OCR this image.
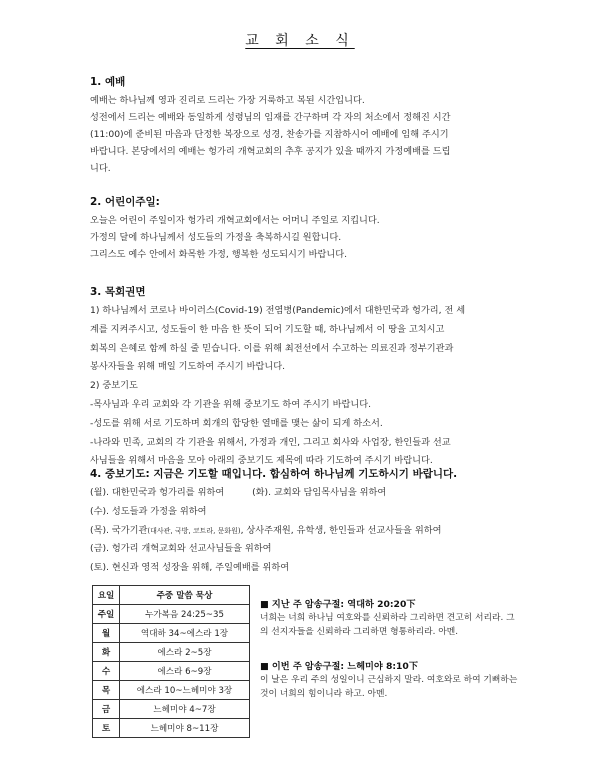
교 회 소 식
1. 예배
예배는 하나님께 영과 진리로 드리는 가장 거룩하고 복된 시간입니다.
성전에서 드리는 예배와 동일하게 성령님의 임재를 간구하며 각 자의 처소에서 정해진 시간
(11:00)에 준비된 마음과 단정한 복장으로 성경, 찬송가를 지참하시어 예배에 임해 주시기
바랍니다. 본당에서의 예배는 헝가리 개혁교회의 추후 공지가 있을 때까지 가정예배를 드립
니다.
2. 어린이주일:
오늘은 어린이 주일이자 헝가리 개혁교회에서는 어머니 주일로 지킵니다.
가정의 달에 하나님께서 성도들의 가정을 축복하시길 원합니다.
그리스도 예수 안에서 화목한 가정, 행복한 성도되시기 바랍니다.
3. 목회권면
1) 하나님께서 코로나 바이러스(Covid-19) 전염병(Pandemic)에서 대한민국과 헝가리, 전 세
계를 지켜주시고, 성도들이 한 마음 한 뜻이 되어 기도할 때, 하나님께서 이 땅을 고치시고
회복의 은혜로 함께 하실 줄 믿습니다. 이를 위해 최전선에서 수고하는 의료진과 정부기관과
봉사자들을 위해 매일 기도하여 주시기 바랍니다.
2) 중보기도
-목사님과 우리 교회와 각 기관을 위해 중보기도 하여 주시기 바랍니다.
-성도를 위해 서로 기도하며 회개의 합당한 열매를 맺는 삶이 되게 하소서.
-나라와 민족, 교회의 각 기관을 위해서, 가정과 개인, 그리고 회사와 사업장, 한인들과 선교
사님들을 위해서 마음을 모아 아래의 중보기도 제목에 따라 기도하여 주시기 바랍니다.
4. 중보기도: 지금은 기도할 때입니다. 합심하여 하나님께 기도하시기 바랍니다.
(월). 대한민국과 헝가리를 위하여	(화). 교회와 담임목사님을 위하여
(수). 성도들과 가정을 위하여
(목). 국가기관(대사관, 국방, 코트라, 문화원), 상사주재원, 유학생, 한인들과 선교사들을 위하여
(금). 헝가리 개혁교회와 선교사님들을 위하여
(토). 현신과 영적 성장을 위해, 주일예배를 위하여
요일	주중 말씀 묵상
주일	누가복음 24:25~35
월	역대하 34~에스라 1장
화	에스라 2~5장
수	에스라 6~9장
목	에스라 10~느헤미야 3장
금	느헤미야 4~7장
토	느헤미야 8~11장
■ 지난 주 암송구절: 역대하 20:20下
너희는 너희 하나님 여호와를 신뢰하라 그리하면 견고히 서리라. 그의 선지자들을 신뢰하라 그리하면 형통하리라. 아멘.
■ 이번 주 암송구절: 느헤미야 8:10下
이 날은 우리 주의 성일이니 근심하지 말라. 여호와로 하여 기뻐하는 것이 너희의 힘이니라 하고. 아멘.
